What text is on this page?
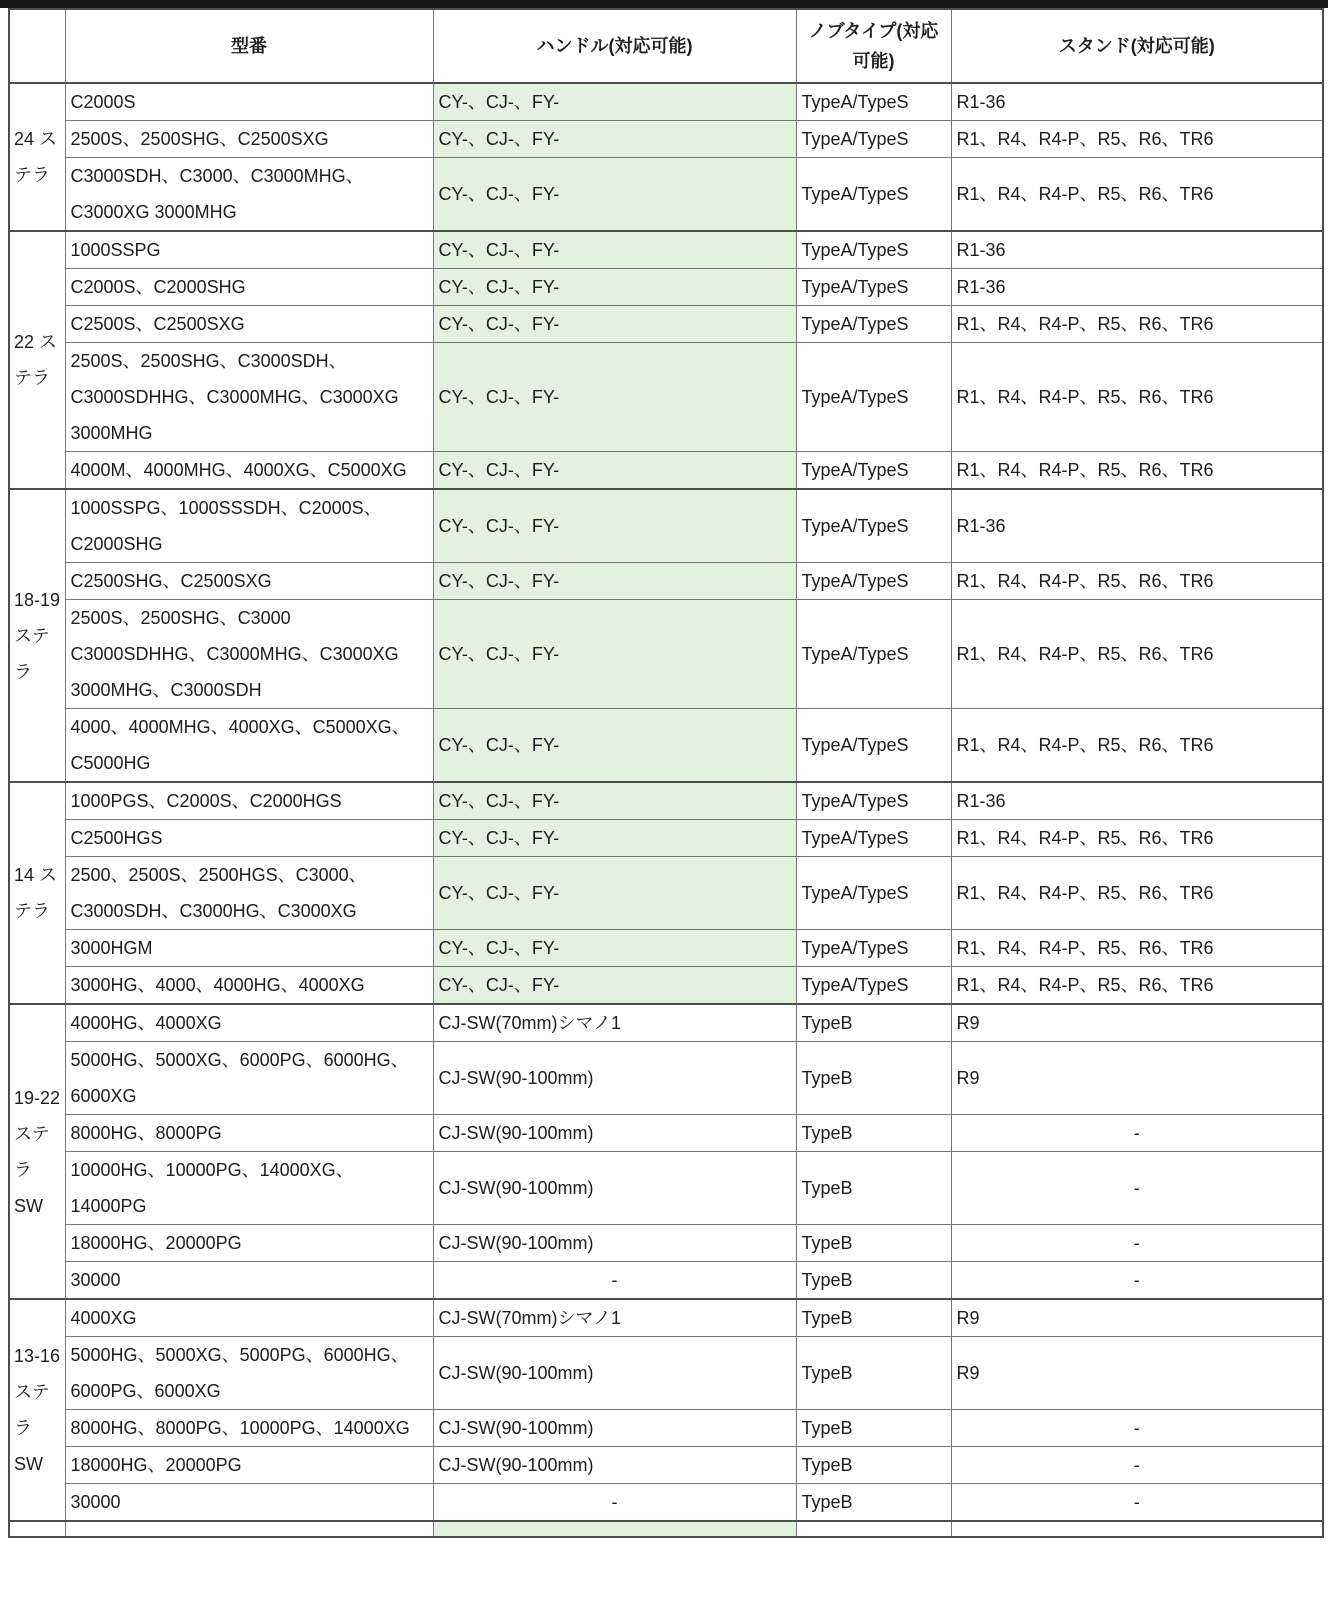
	型番	ハンドル(対応可能)	ノブタイプ(対応可能)	スタンド(対応可能)
24 ステラ	C2000S	CY-、CJ-、FY-	TypeA/TypeS	R1-36
	2500S、2500SHG、C2500SXG	CY-、CJ-、FY-	TypeA/TypeS	R1、R4、R4-P、R5、R6、TR6
	C3000SDH、C3000、C3000MHG、C3000XG 3000MHG	CY-、CJ-、FY-	TypeA/TypeS	R1、R4、R4-P、R5、R6、TR6
22 ステラ	1000SSPG	CY-、CJ-、FY-	TypeA/TypeS	R1-36
	C2000S、C2000SHG	CY-、CJ-、FY-	TypeA/TypeS	R1-36
	C2500S、C2500SXG	CY-、CJ-、FY-	TypeA/TypeS	R1、R4、R4-P、R5、R6、TR6
	2500S、2500SHG、C3000SDH、C3000SDHHG、C3000MHG、C3000XG 3000MHG	CY-、CJ-、FY-	TypeA/TypeS	R1、R4、R4-P、R5、R6、TR6
	4000M、4000MHG、4000XG、C5000XG	CY-、CJ-、FY-	TypeA/TypeS	R1、R4、R4-P、R5、R6、TR6
18-19 ステラ	1000SSPG、1000SSSDH、C2000S、C2000SHG	CY-、CJ-、FY-	TypeA/TypeS	R1-36
	C2500SHG、C2500SXG	CY-、CJ-、FY-	TypeA/TypeS	R1、R4、R4-P、R5、R6、TR6
	2500S、2500SHG、C3000 C3000SDHHG、C3000MHG、C3000XG 3000MHG、C3000SDH	CY-、CJ-、FY-	TypeA/TypeS	R1、R4、R4-P、R5、R6、TR6
	4000、4000MHG、4000XG、C5000XG、C5000HG	CY-、CJ-、FY-	TypeA/TypeS	R1、R4、R4-P、R5、R6、TR6
14 ステラ	1000PGS、C2000S、C2000HGS	CY-、CJ-、FY-	TypeA/TypeS	R1-36
	C2500HGS	CY-、CJ-、FY-	TypeA/TypeS	R1、R4、R4-P、R5、R6、TR6
	2500、2500S、2500HGS、C3000、C3000SDH、C3000HG、C3000XG	CY-、CJ-、FY-	TypeA/TypeS	R1、R4、R4-P、R5、R6、TR6
	3000HGM	CY-、CJ-、FY-	TypeA/TypeS	R1、R4、R4-P、R5、R6、TR6
	3000HG、4000、4000HG、4000XG	CY-、CJ-、FY-	TypeA/TypeS	R1、R4、R4-P、R5、R6、TR6
19-22 ステラ SW	4000HG、4000XG	CJ-SW(70mm)シマノ1	TypeB	R9
	5000HG、5000XG、6000PG、6000HG、6000XG	CJ-SW(90-100mm)	TypeB	R9
	8000HG、8000PG	CJ-SW(90-100mm)	TypeB	-
	10000HG、10000PG、14000XG、14000PG	CJ-SW(90-100mm)	TypeB	-
	18000HG、20000PG	CJ-SW(90-100mm)	TypeB	-
	30000	-	TypeB	-
13-16 ステラ SW	4000XG	CJ-SW(70mm)シマノ1	TypeB	R9
	5000HG、5000XG、5000PG、6000HG、6000PG、6000XG	CJ-SW(90-100mm)	TypeB	R9
	8000HG、8000PG、10000PG、14000XG	CJ-SW(90-100mm)	TypeB	-
	18000HG、20000PG	CJ-SW(90-100mm)	TypeB	-
	30000	-	TypeB	-
